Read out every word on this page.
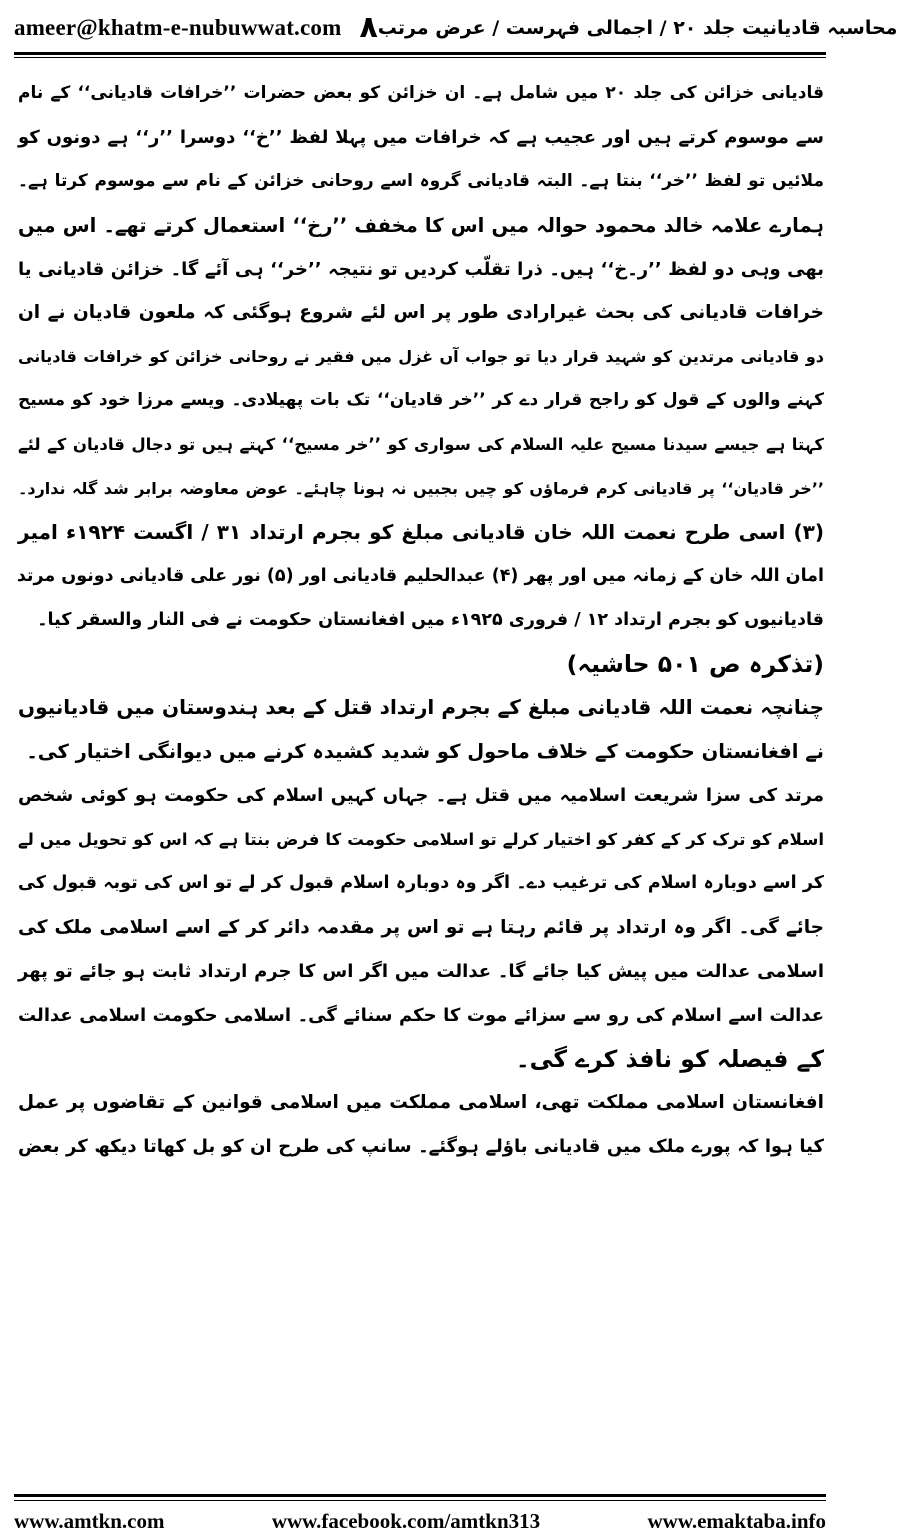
ameer@khatm-e-nubuwwat.com ۸ محاسبہ قادیانیت جلد ۲۰ / اجمالی فہرست / عرض مرتب
قادیانی خزائن کی جلد ۲۰ میں شامل ہے۔ ان خزائن کو بعض حضرات ’’خرافات قادیانی‘‘ کے نام
سے موسوم کرتے ہیں اور عجیب ہے کہ خرافات میں پہلا لفظ ’’خ‘‘ دوسرا ’’ر‘‘ ہے دونوں کو
ملائیں تو لفظ ’’خر‘‘ بنتا ہے۔ البتہ قادیانی گروہ اسے روحانی خزائن کے نام سے موسوم کرتا ہے۔
ہمارے علامہ خالد محمود حوالہ میں اس کا مخفف ’’رخ‘‘ استعمال کرتے تھے۔ اس میں
بھی وہی دو لفظ ’’ر۔خ‘‘ ہیں۔ ذرا تقلّب کردیں تو نتیجہ ’’خر‘‘ ہی آئے گا۔ خزائن قادیانی یا
خرافات قادیانی کی بحث غیرارادی طور پر اس لئے شروع ہوگئی کہ ملعون قادیان نے ان
دو قادیانی مرتدین کو شہید قرار دیا تو جواب آں غزل میں فقیر نے روحانی خزائن کو خرافات قادیانی
کہنے والوں کے قول کو راجح قرار دے کر ’’خر قادیان‘‘ تک بات پھیلادی۔ ویسے مرزا خود کو مسیح
کہتا ہے جیسے سیدنا مسیح علیہ السلام کی سواری کو ’’خر مسیح‘‘ کہتے ہیں تو دجال قادیان کے لئے
’’خر قادیان‘‘ پر قادیانی کرم فرماؤں کو چیں بجبیں نہ ہونا چاہئے۔ عوض معاوضہ برابر شد گلہ ندارد۔
(۳) اسی طرح نعمت اللہ خان قادیانی مبلغ کو بجرم ارتداد ۳۱ / اگست ۱۹۲۴ء امیر
امان اللہ خان کے زمانہ میں اور پھر (۴) عبدالحلیم قادیانی اور (۵) نور علی قادیانی دونوں مرتد
قادیانیوں کو بجرم ارتداد ۱۲ / فروری ۱۹۲۵ء میں افغانستان حکومت نے فی النار والسقر کیا۔
(تذکرہ ص ۵۰۱ حاشیہ)
چنانچہ نعمت اللہ قادیانی مبلغ کے بجرم ارتداد قتل کے بعد ہندوستان میں قادیانیوں
نے افغانستان حکومت کے خلاف ماحول کو شدید کشیدہ کرنے میں دیوانگی اختیار کی۔
مرتد کی سزا شریعت اسلامیہ میں قتل ہے۔ جہاں کہیں اسلام کی حکومت ہو کوئی شخص
اسلام کو ترک کر کے کفر کو اختیار کرلے تو اسلامی حکومت کا فرض بنتا ہے کہ اس کو تحویل میں لے
کر اسے دوبارہ اسلام کی ترغیب دے۔ اگر وہ دوبارہ اسلام قبول کر لے تو اس کی توبہ قبول کی
جائے گی۔ اگر وہ ارتداد پر قائم رہتا ہے تو اس پر مقدمہ دائر کر کے اسے اسلامی ملک کی
اسلامی عدالت میں پیش کیا جائے گا۔ عدالت میں اگر اس کا جرم ارتداد ثابت ہو جائے تو پھر
عدالت اسے اسلام کی رو سے سزائے موت کا حکم سنائے گی۔ اسلامی حکومت اسلامی عدالت
کے فیصلہ کو نافذ کرے گی۔
افغانستان اسلامی مملکت تھی، اسلامی مملکت میں اسلامی قوانین کے تقاضوں پر عمل
کیا ہوا کہ پورے ملک میں قادیانی باؤلے ہوگئے۔ سانپ کی طرح ان کو بل کھاتا دیکھ کر بعض
www.amtkn.com	www.facebook.com/amtkn313	www.emaktaba.info
